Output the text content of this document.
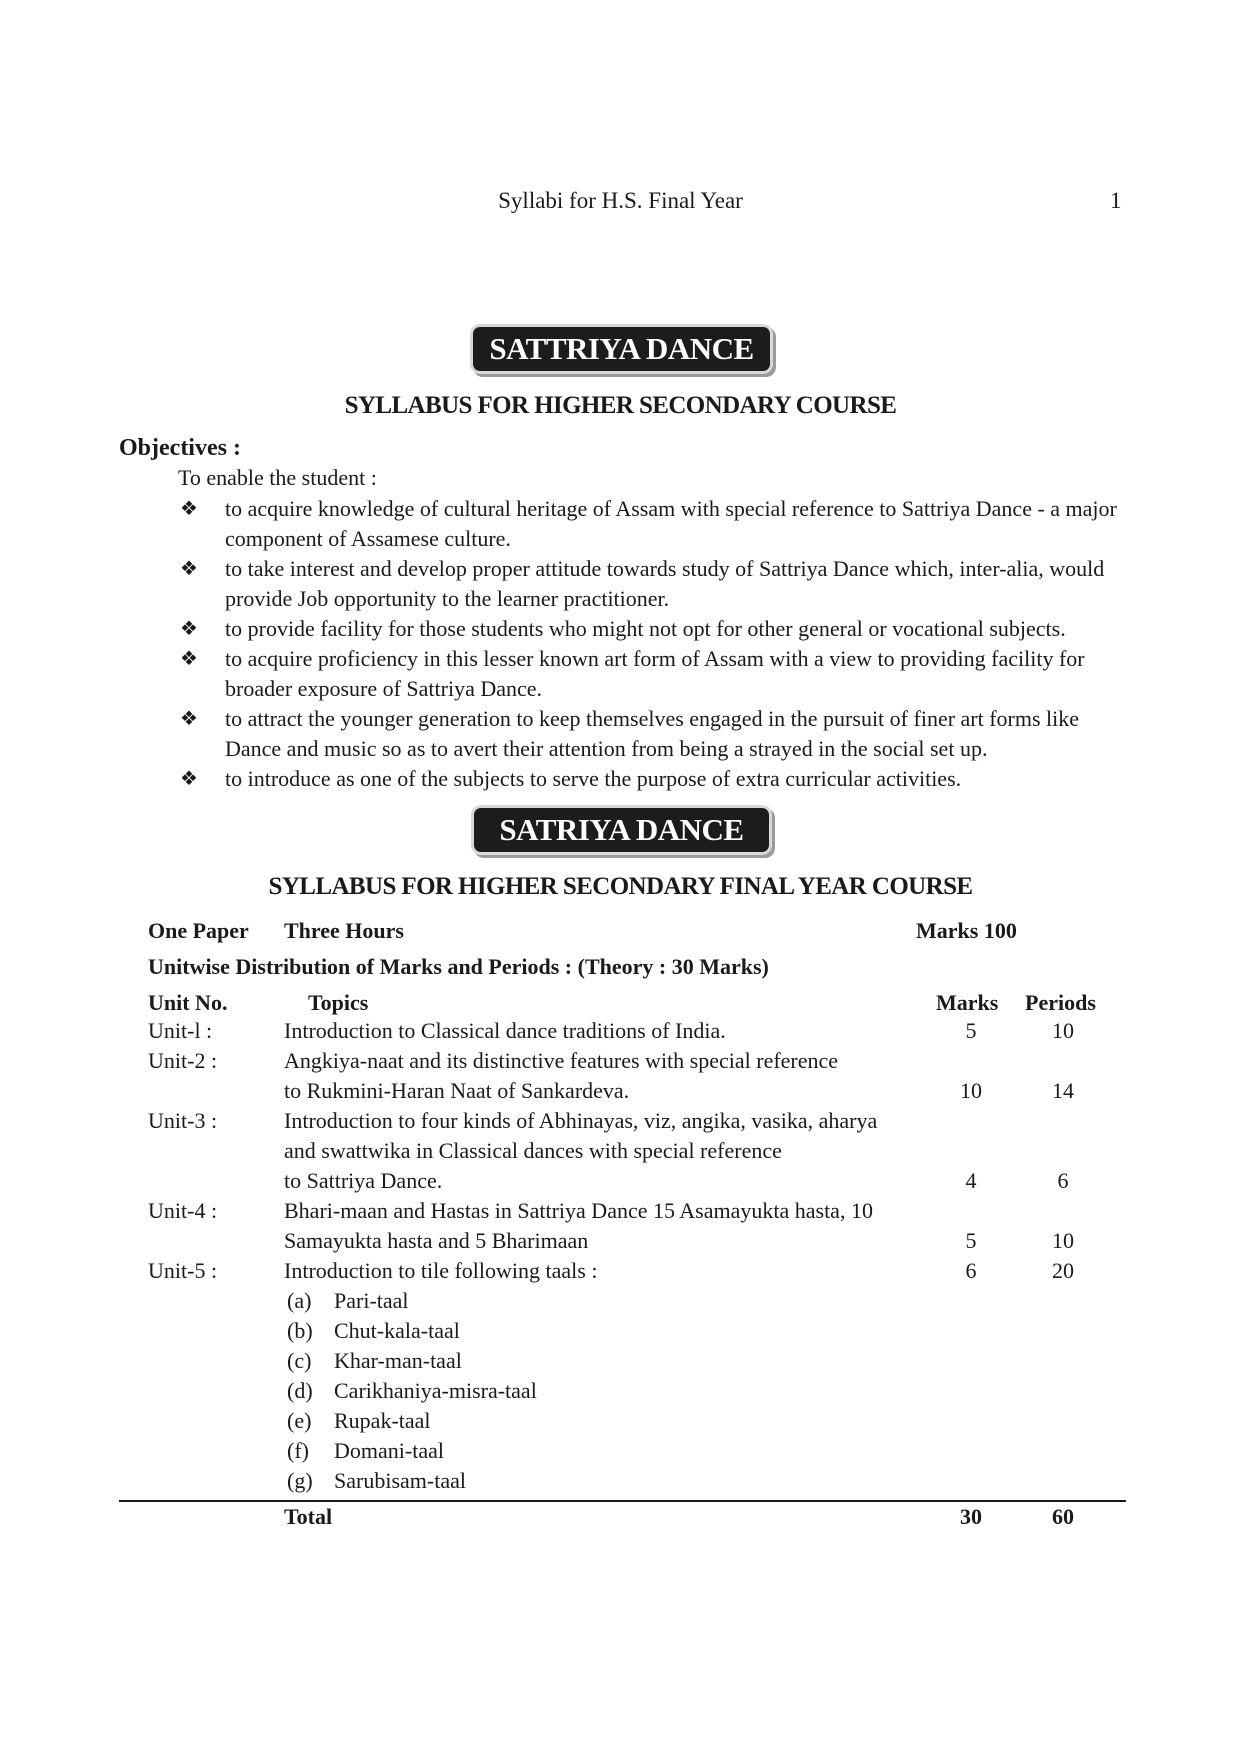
Syllabi for H.S. Final Year	1
SATTRIYA DANCE
SYLLABUS FOR HIGHER SECONDARY COURSE
Objectives :
To enable the student :
❖ to acquire knowledge of cultural heritage of Assam with special reference to Sattriya Dance - a major component of Assamese culture.
❖ to take interest and develop proper attitude towards study of Sattriya Dance which, inter-alia, would provide Job opportunity to the learner practitioner.
❖ to provide facility for those students who might not opt for other general or vocational subjects.
❖ to acquire proficiency in this lesser known art form of Assam with a view to providing facility for broader exposure of Sattriya Dance.
❖ to attract the younger generation to keep themselves engaged in the pursuit of finer art forms like Dance and music so as to avert their attention from being a strayed in the social set up.
❖ to introduce as one of the subjects to serve the purpose of extra curricular activities.
SATRIYA DANCE
SYLLABUS FOR HIGHER SECONDARY FINAL YEAR COURSE
One Paper Three Hours	Marks 100
Unitwise Distribution of Marks and Periods : (Theory : 30 Marks)
Unit No.	Topics	Marks Periods
Unit-l :	Introduction to Classical dance traditions of India.	5	10
Unit-2 :	Angkiya-naat and its distinctive features with special reference
to Rukmini-Haran Naat of Sankardeva.	10	14
Unit-3 :	Introduction to four kinds of Abhinayas, viz, angika, vasika, aharya
and swattwika in Classical dances with special reference
to Sattriya Dance.	4	6
Unit-4 :	Bhari-maan and Hastas in Sattriya Dance 15 Asamayukta hasta, 10
Samayukta hasta and 5 Bharimaan	5	10
Unit-5 :	Introduction to tile following taals :	6	20
(a) Pari-taal
(b) Chut-kala-taal
(c) Khar-man-taal
(d) Carikhaniya-misra-taal
(e) Rupak-taal
(f) Domani-taal
(g) Sarubisam-taal
Total	30	60
